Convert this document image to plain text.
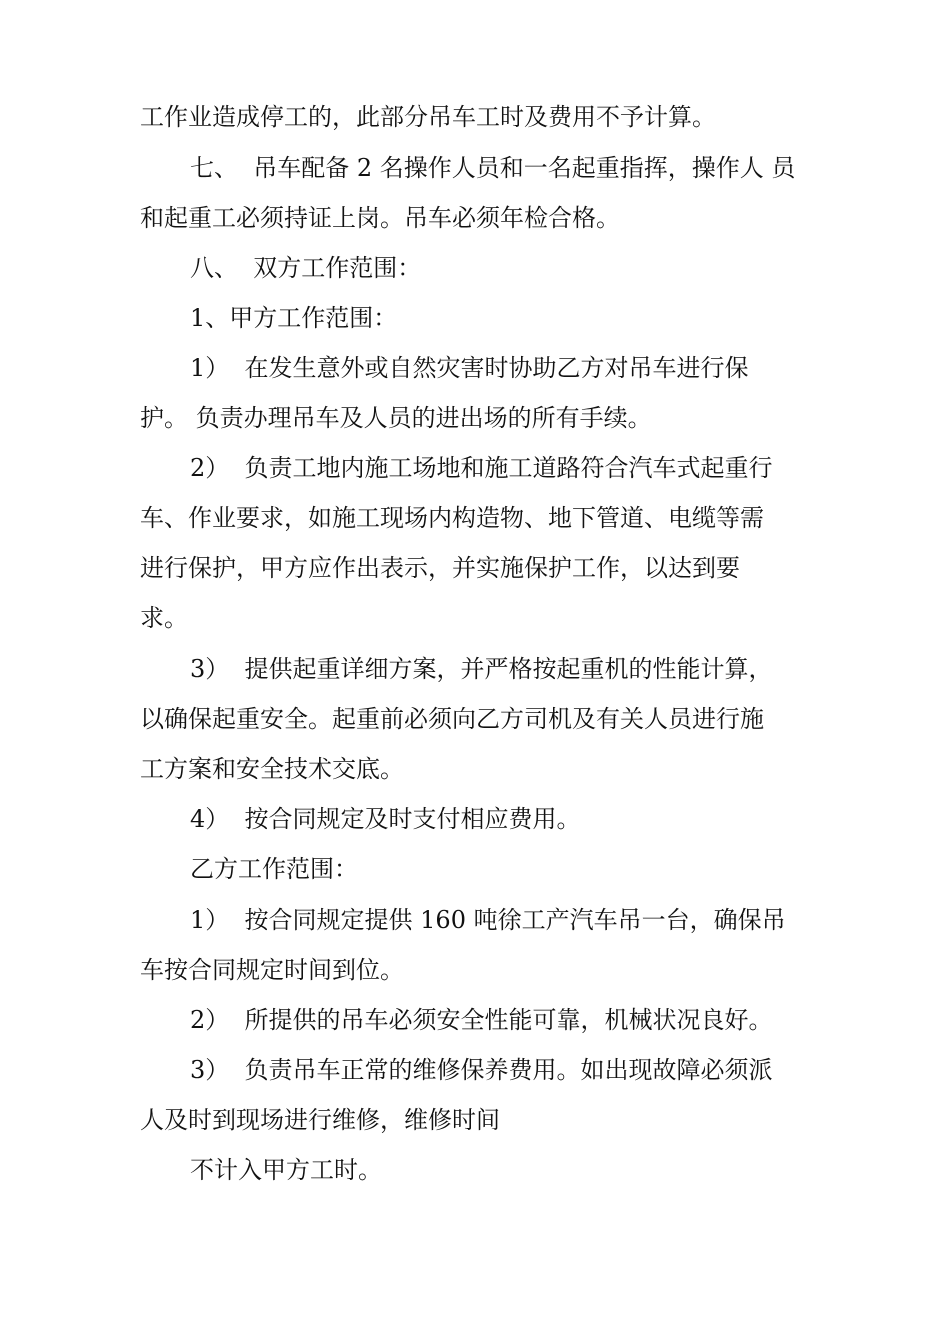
工作业造成停工的，此部分吊车工时及费用不予计算。
七、  吊车配备 2 名操作人员和一名起重指挥，操作人 员
和起重工必须持证上岗。吊车必须年检合格。
八、  双方工作范围：
1、甲方工作范围：
1）  在发生意外或自然灾害时协助乙方对吊车进行保
护。 负责办理吊车及人员的进出场的所有手续。
2）  负责工地内施工场地和施工道路符合汽车式起重行
车、作业要求，如施工现场内构造物、地下管道、电缆等需
进行保护，甲方应作出表示，并实施保护工作，以达到要
求。
3）  提供起重详细方案，并严格按起重机的性能计算，
以确保起重安全。起重前必须向乙方司机及有关人员进行施
工方案和安全技术交底。
4）  按合同规定及时支付相应费用。
乙方工作范围：
1）  按合同规定提供 160 吨徐工产汽车吊一台，确保吊
车按合同规定时间到位。
2）  所提供的吊车必须安全性能可靠，机械状况良好。
3）  负责吊车正常的维修保养费用。如出现故障必须派
人及时到现场进行维修，维修时间
不计入甲方工时。
